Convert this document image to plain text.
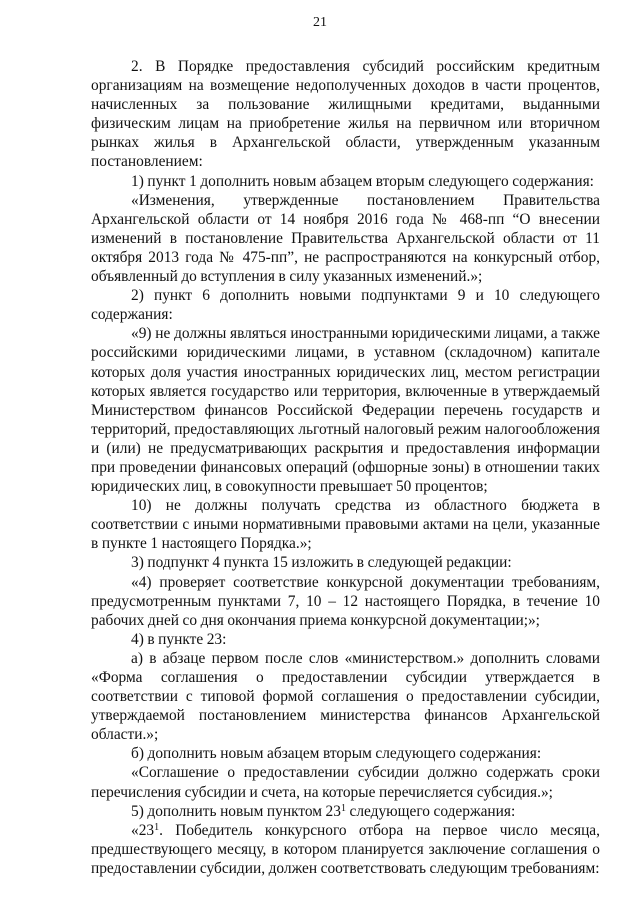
21

2. В Порядке предоставления субсидий российским кредитным организациям на возмещение недополученных доходов в части процентов, начисленных за пользование жилищными кредитами, выданными физическим лицам на приобретение жилья на первичном или вторичном рынках жилья в Архангельской области, утвержденным указанным постановлением:

1) пункт 1 дополнить новым абзацем вторым следующего содержания:

«Изменения, утвержденные постановлением Правительства Архангельской области от 14 ноября 2016 года № 468-пп “О внесении изменений в постановление Правительства Архангельской области от 11 октября 2013 года № 475-пп”, не распространяются на конкурсный отбор, объявленный до вступления в силу указанных изменений.»;

2) пункт 6 дополнить новыми подпунктами 9 и 10 следующего содержания:

«9) не должны являться иностранными юридическими лицами, а также российскими юридическими лицами, в уставном (складочном) капитале которых доля участия иностранных юридических лиц, местом регистрации которых является государство или территория, включенные в утверждаемый Министерством финансов Российской Федерации перечень государств и территорий, предоставляющих льготный налоговый режим налогообложения и (или) не предусматривающих раскрытия и предоставления информации при проведении финансовых операций (офшорные зоны) в отношении таких юридических лиц, в совокупности превышает 50 процентов;

10) не должны получать средства из областного бюджета в соответствии с иными нормативными правовыми актами на цели, указанные в пункте 1 настоящего Порядка.»;

3) подпункт 4 пункта 15 изложить в следующей редакции:

«4) проверяет соответствие конкурсной документации требованиям, предусмотренным пунктами 7, 10 – 12 настоящего Порядка, в течение 10 рабочих дней со дня окончания приема конкурсной документации;»;

4) в пункте 23:

а) в абзаце первом после слов «министерством.» дополнить словами «Форма соглашения о предоставлении субсидии утверждается в соответствии с типовой формой соглашения о предоставлении субсидии, утверждаемой постановлением министерства финансов Архангельской области.»;

б) дополнить новым абзацем вторым следующего содержания:

«Соглашение о предоставлении субсидии должно содержать сроки перечисления субсидии и счета, на которые перечисляется субсидия.»;

5) дополнить новым пунктом $23^1$ следующего содержания:

«$23^1$. Победитель конкурсного отбора на первое число месяца, предшествующего месяцу, в котором планируется заключение соглашения о предоставлении субсидии, должен соответствовать следующим требованиям:
